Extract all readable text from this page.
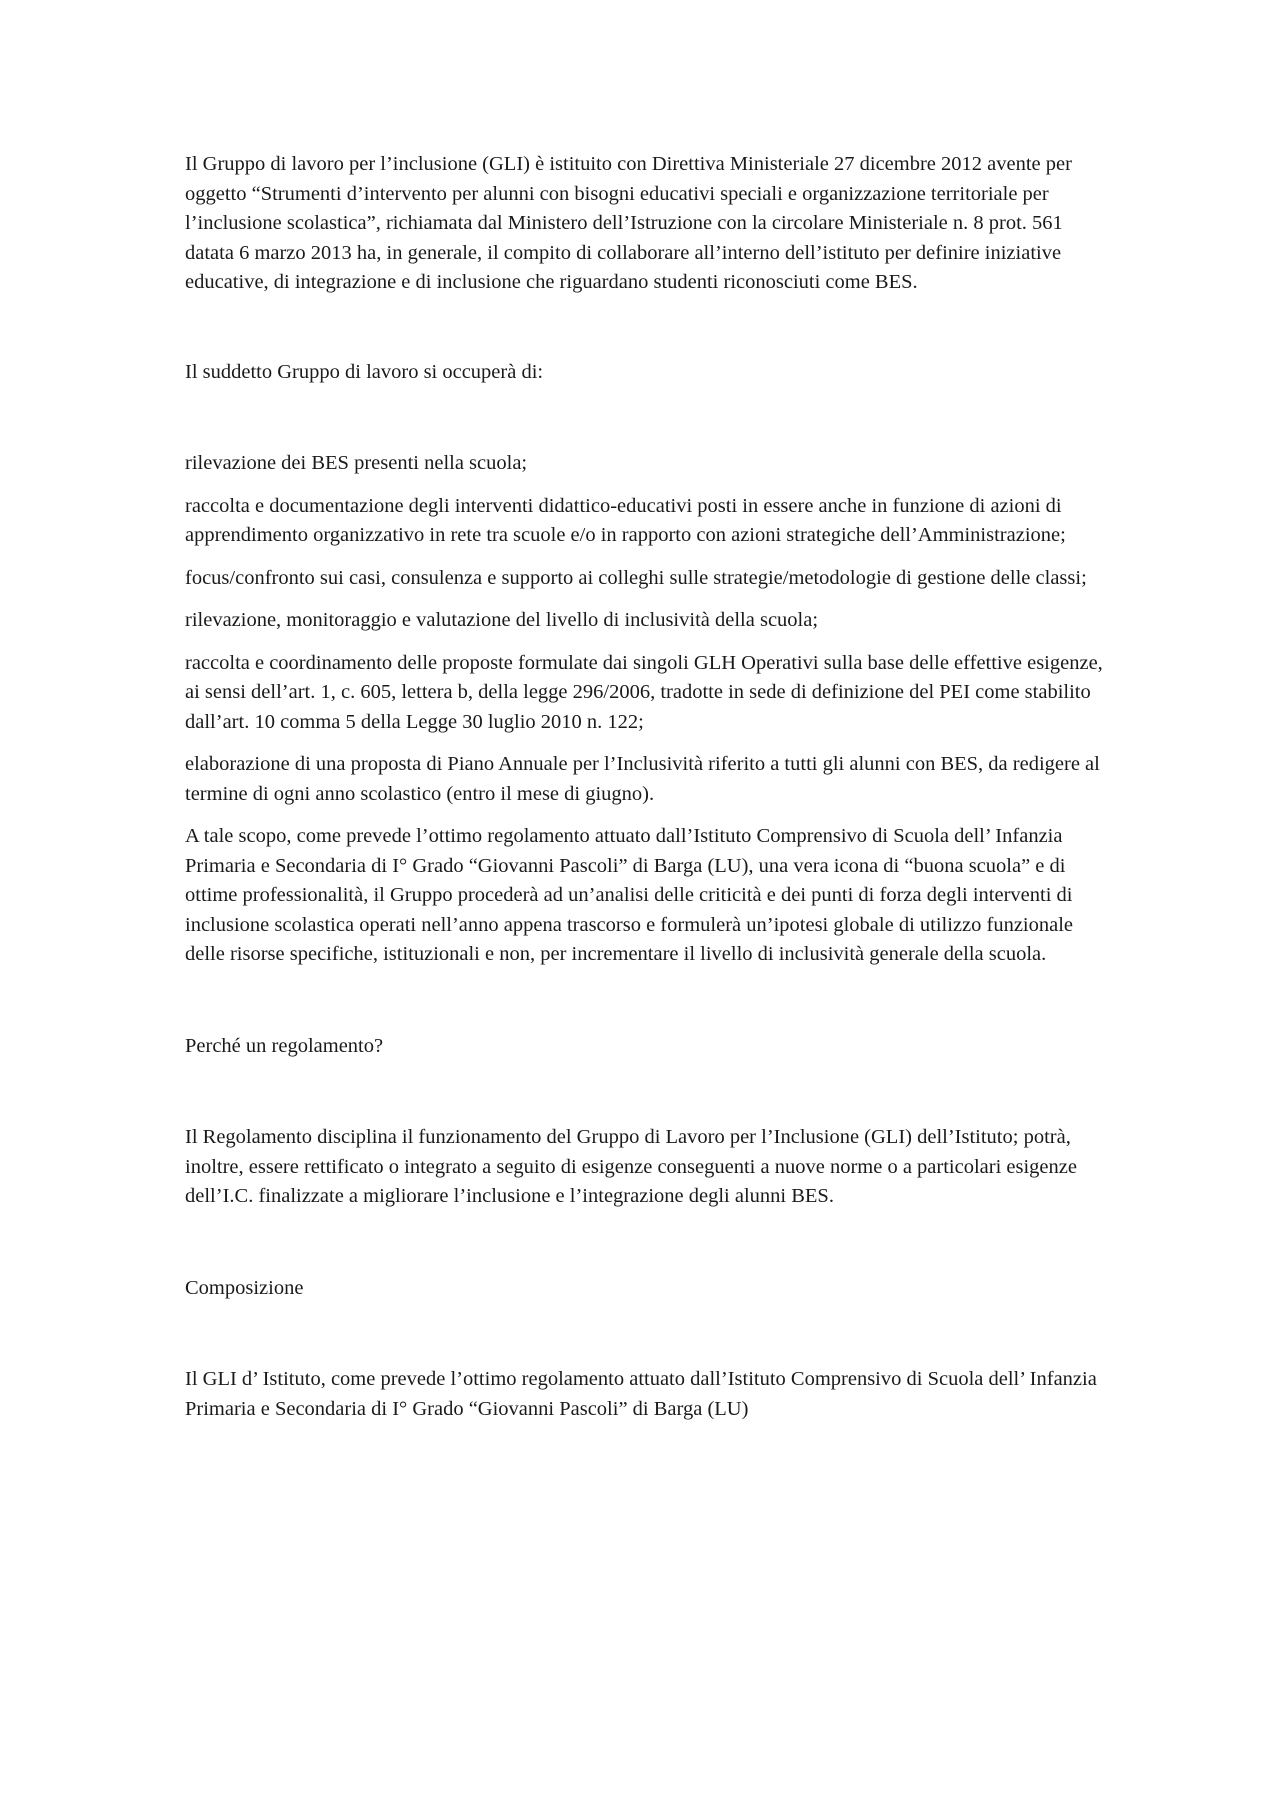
Il Gruppo di lavoro per l’inclusione (GLI) è istituito con Direttiva Ministeriale 27 dicembre 2012 avente per oggetto “Strumenti d’intervento per alunni con bisogni educativi speciali e organizzazione territoriale per l’inclusione scolastica”, richiamata dal Ministero dell’Istruzione con la circolare Ministeriale n. 8 prot. 561 datata 6 marzo 2013 ha, in generale, il compito di collaborare all’interno dell’istituto per definire iniziative educative, di integrazione e di inclusione che riguardano studenti riconosciuti come BES.

Il suddetto Gruppo di lavoro si occuperà di:

rilevazione dei BES presenti nella scuola;

raccolta e documentazione degli interventi didattico-educativi posti in essere anche in funzione di azioni di apprendimento organizzativo in rete tra scuole e/o in rapporto con azioni strategiche dell’Amministrazione;

focus/confronto sui casi, consulenza e supporto ai colleghi sulle strategie/metodologie di gestione delle classi;

rilevazione, monitoraggio e valutazione del livello di inclusività della scuola;

raccolta e coordinamento delle proposte formulate dai singoli GLH Operativi sulla base delle effettive esigenze, ai sensi dell’art. 1, c. 605, lettera b, della legge 296/2006, tradotte in sede di definizione del PEI come stabilito dall’art. 10 comma 5 della Legge 30 luglio 2010 n. 122;

elaborazione di una proposta di Piano Annuale per l’Inclusività riferito a tutti gli alunni con BES, da redigere al termine di ogni anno scolastico (entro il mese di giugno).

A tale scopo, come prevede l’ottimo regolamento attuato dall’Istituto Comprensivo di Scuola dell’ Infanzia Primaria e Secondaria di I° Grado “Giovanni Pascoli” di Barga (LU), una vera icona di “buona scuola” e di ottime professionalità, il Gruppo procederà ad un’analisi delle criticità e dei punti di forza degli interventi di inclusione scolastica operati nell’anno appena trascorso e formulerà un’ipotesi globale di utilizzo funzionale delle risorse specifiche, istituzionali e non, per incrementare il livello di inclusività generale della scuola.

Perché un regolamento?

Il Regolamento disciplina il funzionamento del Gruppo di Lavoro per l’Inclusione (GLI) dell’Istituto; potrà, inoltre, essere rettificato o integrato a seguito di esigenze conseguenti a nuove norme o a particolari esigenze dell’I.C. finalizzate a migliorare l’inclusione e l’integrazione degli alunni BES.

Composizione

Il GLI d’ Istituto, come prevede l’ottimo regolamento attuato dall’Istituto Comprensivo di Scuola dell’ Infanzia Primaria e Secondaria di I° Grado “Giovanni Pascoli” di Barga (LU)
